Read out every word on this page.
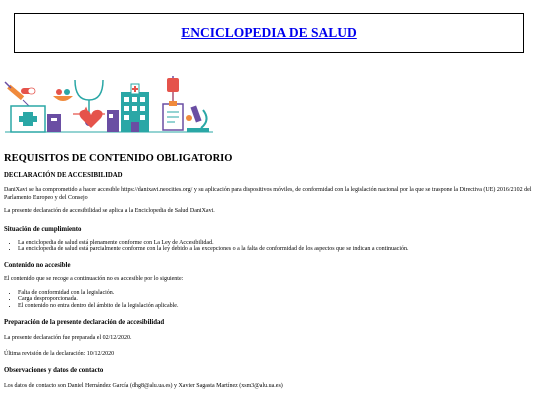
ENCICLOPEDIA DE SALUD
REQUISITOS DE CONTENIDO OBLIGATORIO
DECLARACIÓN DE ACCESIBILIDAD

DaniXavi se ha comprometido a hacer accesible https://danixavi.neocities.org/ y su aplicación para dispositivos móviles, de conformidad con la legislación nacional por la que se traspone la Directiva (UE) 2016/2102 del Parlamento Europeo y del Consejo

La presente declaración de accesibilidad se aplica a la Enciclopedia de Salud DaniXavi.

Situación de cumplimiento
• La enciclopedia de salud está plenamente conforme con La Ley de Accesibilidad.
• La enciclopedia de salud está parcialmente conforme con la ley debido a las excepciones o a la falta de conformidad de los aspectos que se indican a continuación.
Contenido no accesible

El contenido que se recoge a continuación no es accesible por lo siguiente:

• Falta de conformidad con la legislación.
• Carga desproporcionada.
• El contenido no entra dentro del ámbito de la legislación aplicable.
Preparación de la presente declaración de accesibilidad

La presente declaración fue preparada el 02/12/2020.

Última revisión de la declaración: 10/12/2020

Observaciones y datos de contacto

Los datos de contacto son Daniel Hernández García (dhg8@alu.ua.es) y Xavier Sagasta Martínez (xsm3@alu.ua.es)
